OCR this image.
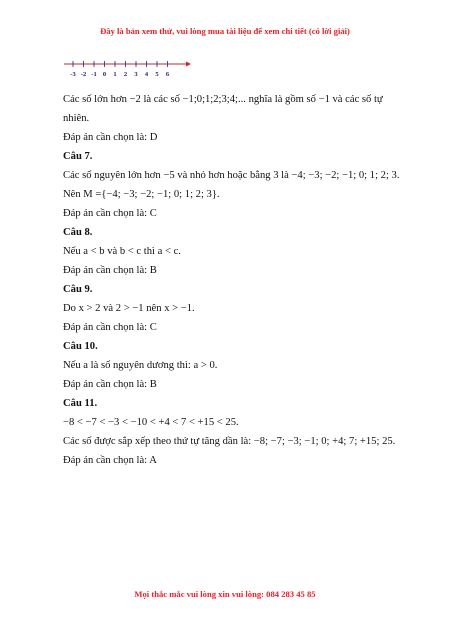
Đây là bản xem thử, vui lòng mua tài liệu để xem chi tiết (có lời giải)
-3 -2 -1 0 1 2 3 4 5 6
Các số lớn hơn −2 là các số −1;0;1;2;3;4;... nghĩa là gồm số −1 và các số tự
nhiên.
Đáp án cần chọn là: D
Câu 7.
Các số nguyên lớn hơn −5 và nhỏ hơn hoặc bằng 3 là −4; −3; −2; −1; 0; 1; 2; 3.
Nên M ={−4; −3; −2; −1; 0; 1; 2; 3}.
Đáp án cần chọn là: C
Câu 8.
Nếu a < b và b < c thì a < c.
Đáp án cần chọn là: B
Câu 9.
Do x > 2 và 2 > −1 nên x > −1.
Đáp án cần chọn là: C
Câu 10.
Nếu a là số nguyên dương thì: a > 0.
Đáp án cần chọn là: B
Câu 11.
−8 < −7 < −3 < −10 < +4 < 7 < +15 < 25.
Các số được sắp xếp theo thứ tự tăng dần là: −8; −7; −3; −1; 0; +4; 7; +15; 25.
Đáp án cần chọn là: A
Mọi thắc mắc vui lòng xin vui lòng: 084 283 45 85
